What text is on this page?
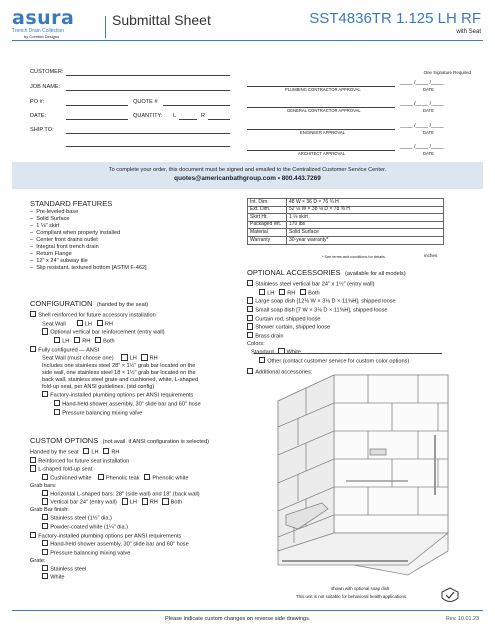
asura
Trench Drain Collection
by Comfort Designs
Submittal Sheet	SST4836TR 1.125 LH RF
with Seat
CUSTOMER:
JOB NAME:
PO #:	QUOTE #
DATE:	QUANTITY: L	R
SHIP TO:
One Signature Required
PLUMBING CONTRACTOR APPROVAL
____ /____ /____
DATE
GENERAL CONTRACTOR APPROVAL
____ /____ /____
DATE
ENGINEER APPROVAL
____ /____ /____
DATE
ARCHITECT APPROVAL
____ /____ /____
DATE
To complete your order, this document must be signed and emailed to the Centralized Customer Service Center.
quotes@americanbathgroup.com • 800.443.7269
STANDARD FEATURES
–  Pre-leveled base
–  Solid Surface
–  1 ⅛" skirt
–  Compliant when properly installed
–  Center front drains outlet
–  Integral front trench drain
–  Return Flange
–  12" x 24" subway tile
–  Slip resistant, textured bottom [ASTM F-462]
Int. Dim.	48 W × 36 D × 76 ¾ H
Ext. Dim.	52 ⅛ W × 38 ⅛ D × 78 ⅜ H
Skirt Ht.	1 ⅛ skirt
Packaged Wt.	170 lbs
Material	Solid Surface
Warranty	30-year warranty*
* See terms and conditions for details	inches
OPTIONAL ACCESSORIES (available for all models)
Stainless steel vertical bar 24" x 1½" (entry wall)
LH RH Both
Large soap dish [12⅛ W × 3⅛ D × 11⅝H], shipped loose
Small soap dish [7 W × 3⅛ D × 11⅝H], shipped loose
Curtain rod, shipped loose
Shower curtain, shipped loose
Brass drain
Colors:
Standard White
Other (contact customer service for custom color options)
Additional accessories:
CONFIGURATION (handed by the seat)
Shell reinforced for future accessory installation
Seat Wall	LH RH
Optional vertical bar reinforcement (entry wall)
LH RH Both
Fully configured — ANSI
Seat Wall (must choose one)	LH RH
Includes one stainless steel 28" × 1½" grab bar located on the
side wall, one stainless steel 18 × 1½" grab bar located on the
back wall, stainless steel grate and cushioned, white, L-shaped
fold-up seat, per ANSI guidelines. (std config)
Factory-installed plumbing options per ANSI requirements
Hand-held shower assembly, 30" slide bar and 60" hose
Pressure balancing mixing valve
CUSTOM OPTIONS (not avail. if ANSI configuration is selected)
Handed by the seat LH RH
Reinforced for future seat installation
L-shaped fold-up seat
Cushioned white	Phenolic teak Phenolic white
Grab bars:
Horizontal L-shaped bars: 28" (side wall) and 18" (back wall)
Vertical bar 24" (entry wall) LH RH Both
Grab Bar finish:
Stainless steel (1½" dia.)
Powder-coated white (1¼" dia.)
Factory-installed plumbing options per ANSI requirements
Hand-held shower assembly, 30" slide bar and 60" hose
Pressure balancing mixing valve
Grate:
Stainless steel
White
shown with optional soap dish
This unit is not suitable for behavioral health applications.
Please indicate custom changes on reverse side drawings.	Rev. 10.01.23
